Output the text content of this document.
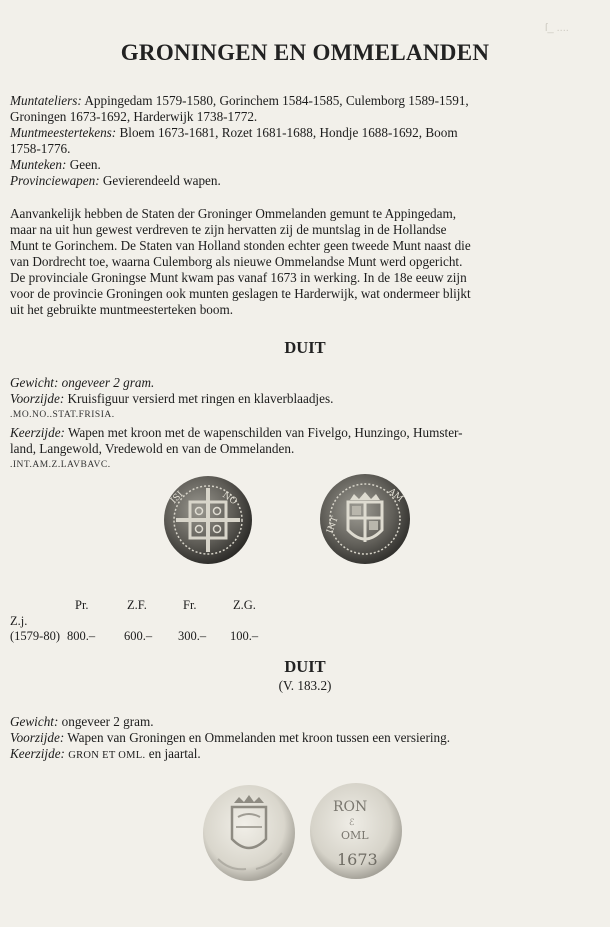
ſ_ ....
GRONINGEN EN OMMELANDEN
Muntateliers: Appingedam 1579-1580, Gorinchem 1584-1585, Culemborg 1589-1591,
Groningen 1673-1692, Harderwijk 1738-1772.
Muntmeestertekens: Bloem 1673-1681, Rozet 1681-1688, Hondje 1688-1692, Boom
1758-1776.
Munteken: Geen.
Provinciewapen: Gevierendeeld wapen.
Aanvankelijk hebben de Staten der Groninger Ommelanden gemunt te Appingedam,
maar na uit hun gewest verdreven te zijn hervatten zij de muntslag in de Hollandse
Munt te Gorinchem. De Staten van Holland stonden echter geen tweede Munt naast die
van Dordrecht toe, waarna Culemborg als nieuwe Ommelandse Munt werd opgericht.
De provinciale Groningse Munt kwam pas vanaf 1673 in werking. In de 18e eeuw zijn
voor de provincie Groningen ook munten geslagen te Harderwijk, wat ondermeer blijkt
uit het gebruikte muntmeesterteken boom.
DUIT
Gewicht: ongeveer 2 gram.
Voorzijde: Kruisfiguur versierd met ringen en klaverblaadjes.
.MO.NO..STAT.FRISIA.
Keerzijde: Wapen met kroon met de wapenschilden van Fivelgo, Hunzingo, Humster-
land, Langewold, Vredewold en van de Ommelanden.
.INT.AM.Z.LAVBAVC.
NO
ISI
INT
AM
Pr.	Z.F.	Fr.	Z.G.
Z.j.
(1579-80) 800.– 600.– 300.– 100.–
DUIT
(V. 183.2)
Gewicht: ongeveer 2 gram.
Voorzijde: Wapen van Groningen en Ommelanden met kroon tussen een versiering.
Keerzijde: GRON ET OML. en jaartal.
RON
ℰ
OML
1673
